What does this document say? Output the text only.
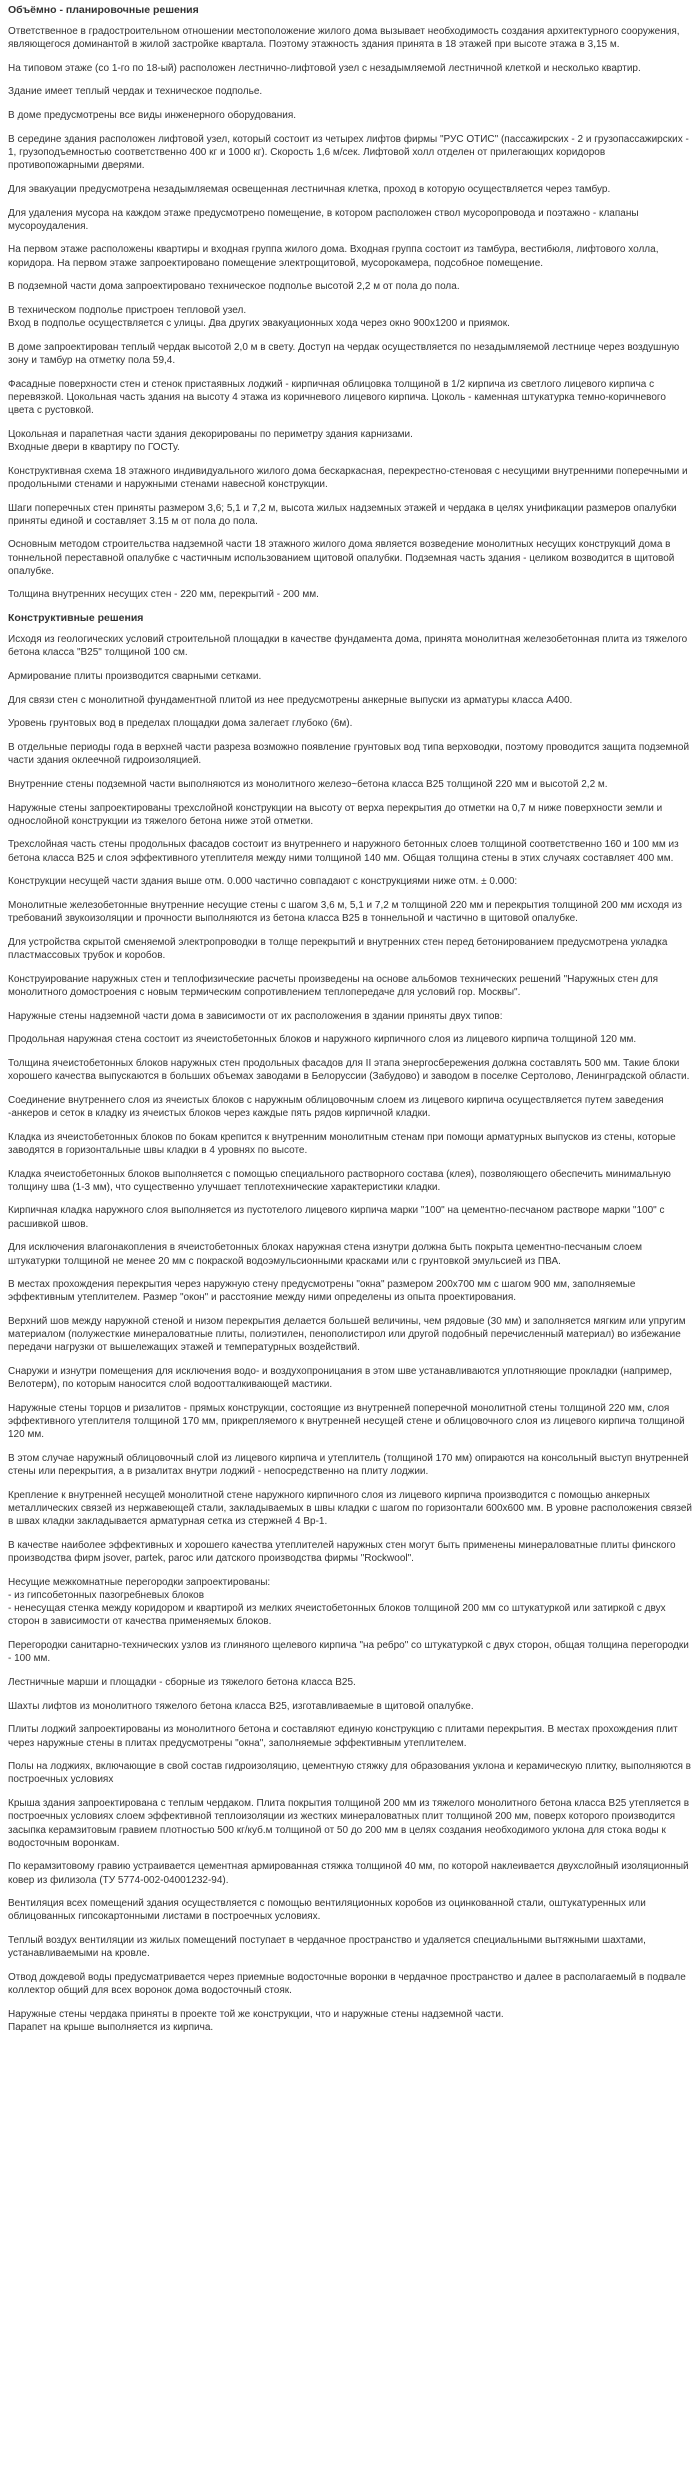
Объёмно - планировочные решения

Ответственное в градостроительном отношении местоположение жилого дома вызывает необходимость создания архитектурного сооружения, являющегося доминантой в жилой застройке квартала. Поэтому этажность здания принята в 18 этажей при высоте этажа в 3,15 м.

На типовом этаже (со 1-го по 18-ый) расположен лестнично-лифтовой узел с незадымляемой лестничной клеткой и несколько квартир.

Здание имеет теплый чердак и техническое подполье.

В доме предусмотрены все виды инженерного оборудования.

В середине здания расположен лифтовой узел, который состоит из четырех лифтов фирмы "РУС ОТИС" (пассажирских - 2 и грузопассажирских - 1, грузоподъемностью соответственно 400 кг и 1000 кг). Скорость 1,6 м/сек. Лифтовой холл отделен от прилегающих коридоров противопожарными дверями.

Для эвакуации предусмотрена незадымляемая освещенная лестничная клетка, проход в которую осуществляется через тамбур.

Для удаления мусора на каждом этаже предусмотрено помещение, в котором расположен ствол мусоропровода и поэтажно - клапаны мусороудаления.

На первом этаже расположены квартиры и входная группа жилого дома. Входная группа состоит из тамбура, вестибюля, лифтового холла, коридора. На первом этаже запроектировано помещение электрощитовой, мусорокамера, подсобное помещение.

В подземной части дома запроектировано техническое подполье высотой 2,2 м от пола до пола.

В техническом подполье пристроен тепловой узел.
Вход в подполье осуществляется с улицы. Два других эвакуационных хода через окно 900х1200 и приямок.

В доме запроектирован теплый чердак высотой 2,0 м в свету. Доступ на чердак осуществляется по незадымляемой лестнице через воздушную зону и тамбур на отметку пола 59,4.

Фасадные поверхности стен и стенок пристаявных лоджий - кирпичная облицовка толщиной в 1/2 кирпича из светлого лицевого кирпича с перевязкой. Цокольная часть здания на высоту 4 этажа из коричневого лицевого кирпича. Цоколь - каменная штукатурка темно-коричневого цвета с рустовкой.

Цокольная и парапетная части здания декорированы по периметру здания карнизами.
Входные двери в квартиру по ГОСТу.

Конструктивная схема 18 этажного индивидуального жилого дома бескаркасная, перекрестно-стеновая с несущими внутренними поперечными и продольными стенами и наружными стенами навесной конструкции.

Шаги поперечных стен приняты размером 3,6; 5,1 и 7,2 м, высота жилых надземных этажей и чердака в целях унификации размеров опалубки приняты единой и составляет 3.15 м от пола до пола.

Основным методом строительства надземной части 18 этажного жилого дома является возведение монолитных несущих конструкций дома в тоннельной переставной опалубке с частичным использованием щитовой опалубки. Подземная часть здания - целиком возводится в щитовой опалубке.

Толщина внутренних несущих стен - 220 мм, перекрытий - 200 мм.

Конструктивные решения

Исходя из геологических условий строительной площадки в качестве фундамента дома, принята монолитная железобетонная плита из тяжелого бетона класса "В25" толщиной 100 см.

Армирование плиты производится сварными сетками.

Для связи стен с монолитной фундаментной плитой из нее предусмотрены анкерные выпуски из арматуры класса А400.

Уровень грунтовых вод в пределах площадки дома залегает глубоко (6м).

В отдельные периоды года в верхней части разреза возможно появление грунтовых вод типа верховодки, поэтому проводится защита подземной части здания оклеечной гидроизоляцией.

Внутренние стены подземной части выполняются из монолитного железо~бетона класса В25 толщиной 220 мм и высотой 2,2 м.

Наружные стены запроектированы трехслойной конструкции на высоту от верха перекрытия до отметки на 0,7 м ниже поверхности земли и однослойной конструкции из тяжелого бетона ниже этой отметки.

Трехслойная часть стены продольных фасадов состоит из внутреннего и наружного бетонных слоев толщиной соответственно 160 и 100 мм из бетона класса В25 и слоя эффективного утеплителя между ними толщиной 140 мм. Общая толщина стены в этих случаях составляет 400 мм.

Конструкции несущей части здания выше отм. 0.000 частично совпадают с конструкциями ниже отм. ± 0.000:

Монолитные железобетонные внутренние несущие стены с шагом 3,6 м, 5,1 и 7,2 м толщиной 220 мм и перекрытия толщиной 200 мм исходя из требований звукоизоляции и прочности выполняются из бетона класса В25 в тоннельной и частично в щитовой опалубке.

Для устройства скрытой сменяемой электропроводки в толще перекрытий и внутренних стен перед бетонированием предусмотрена укладка пластмассовых трубок и коробов.

Конструирование наружных стен и теплофизические расчеты произведены на основе альбомов технических решений "Наружных стен для монолитного домостроения с новым термическим сопротивлением теплопередаче для условий гор. Москвы".

Наружные стены надземной части дома в зависимости от их расположения в здании приняты двух типов:

Продольная наружная стена состоит из ячеистобетонных блоков и наружного кирпичного слоя из лицевого кирпича толщиной 120 мм.

Толщина ячеистобетонных блоков наружных стен продольных фасадов для II этапа энергосбережения должна составлять 500 мм. Такие блоки хорошего качества выпускаются в больших объемах заводами в Белоруссии (Забудово) и заводом в поселке Сертолово, Ленинградской области.

Соединение внутреннего слоя из ячеистых блоков с наружным облицовочным слоем из лицевого кирпича осуществляется путем заведения -анкеров и сеток в кладку из ячеистых блоков через каждые пять рядов кирпичной кладки.

Кладка из ячеистобетонных блоков по бокам крепится к внутренним монолитным стенам при помощи арматурных выпусков из стены, которые заводятся в горизонтальные швы кладки в 4 уровнях по высоте.

Кладка ячеистобетонных блоков выполняется с помощью специального растворного состава (клея), позволяющего обеспечить минимальную толщину шва (1-3 мм), что существенно улучшает теплотехнические характеристики кладки.

Кирпичная кладка наружного слоя выполняется из пустотелого лицевого кирпича марки "100" на цементно-песчаном растворе марки "100" с расшивкой швов.

Для исключения влагонакопления в ячеистобетонных блоках наружная стена изнутри должна быть покрыта цементно-песчаным слоем штукатурки толщиной не менее 20 мм с покраской водоэмульсионными красками или с грунтовкой эмульсией из ПВА.

В местах прохождения перекрытия через наружную стену предусмотрены "окна" размером 200х700 мм с шагом 900 мм, заполняемые эффективным утеплителем. Размер "окон" и расстояние между ними определены из опыта проектирования.

Верхний шов между наружной стеной и низом перекрытия делается большей величины, чем рядовые (30 мм) и заполняется мягким или упругим материалом (полужесткие минераловатные плиты, полиэтилен, пенополистирол или другой подобный перечисленный материал) во избежание передачи нагрузки от вышележащих этажей и температурных воздействий.

Снаружи и изнутри помещения для исключения водо- и воздухопроницания в этом шве устанавливаются уплотняющие прокладки (например, Велотерм), по которым наносится слой водоотталкивающей мастики.

Наружные стены торцов и ризалитов - прямых конструкции, состоящие из внутренней поперечной монолитной стены толщиной 220 мм, слоя эффективного утеплителя толщиной 170 мм, прикрепляемого к внутренней несущей стене и облицовочного слоя из лицевого кирпича толщиной 120 мм.

В этом случае наружный облицовочный слой из лицевого кирпича и утеплитель (толщиной 170 мм) опираются на консольный выступ внутренней стены или перекрытия, а в ризалитах внутри лоджий - непосредственно на плиту лоджии.

Крепление к внутренней несущей монолитной стене наружного кирпичного слоя из лицевого кирпича производится с помощью анкерных металлических связей из нержавеющей стали, закладываемых в швы кладки с шагом по горизонтали 600х600 мм. В уровне расположения связей в швах кладки закладывается арматурная сетка из стержней 4 Вр-1.

В качестве наиболее эффективных и хорошего качества утеплителей наружных стен могут быть применены минераловатные плиты финского производства фирм jsover, partek, paroc или датского производства фирмы "Rockwool".

Несущие межкомнатные перегородки запроектированы:
- из гипсобетонных пазогребневых блоков
- ненесущая стенка между коридором и квартирой из мелких ячеистобетонных блоков толщиной 200 мм со штукатуркой или затиркой с двух сторон в зависимости от качества применяемых блоков.

Перегородки санитарно-технических узлов из глиняного щелевого кирпича "на ребро" со штукатуркой с двух сторон, общая толщина перегородки - 100 мм.

Лестничные марши и площадки - сборные из тяжелого бетона класса В25.

Шахты лифтов из монолитного тяжелого бетона класса В25, изготавливаемые в щитовой опалубке.

Плиты лоджий запроектированы из монолитного бетона и составляют единую конструкцию с плитами перекрытия. В местах прохождения плит через наружные стены в плитах предусмотрены "окна", заполняемые эффективным утеплителем.

Полы на лоджиях, включающие в свой состав гидроизоляцию, цементную стяжку для образования уклона и керамическую плитку, выполняются в построечных условиях

Крыша здания запроектирована с теплым чердаком. Плита покрытия толщиной 200 мм из тяжелого монолитного бетона класса В25 утепляется в построечных условиях слоем эффективной теплоизоляции из жестких минераловатных плит толщиной 200 мм, поверх которого производится засыпка керамзитовым гравием плотностью 500 кг/куб.м толщиной от 50 до 200 мм в целях создания необходимого уклона для стока воды к водосточным воронкам.

По керамзитовому гравию устраивается цементная армированная стяжка толщиной 40 мм, по которой наклеивается двухслойный изоляционный ковер из филизола (ТУ 5774-002-04001232-94).

Вентиляция всех помещений здания осуществляется с помощью вентиляционных коробов из оцинкованной стали, оштукатуренных или облицованных гипсокартонными листами в построечных условиях.

Теплый воздух вентиляции из жилых помещений поступает в чердачное пространство и удаляется специальными вытяжными шахтами, устанавливаемыми на кровле.

Отвод дождевой воды предусматривается через приемные водосточные воронки в чердачное пространство и далее в располагаемый в подвале коллектор общий для всех воронок дома водосточный стояк.

Наружные стены чердака приняты в проекте той же конструкции, что и наружные стены надземной части.
Парапет на крыше выполняется из кирпича.
